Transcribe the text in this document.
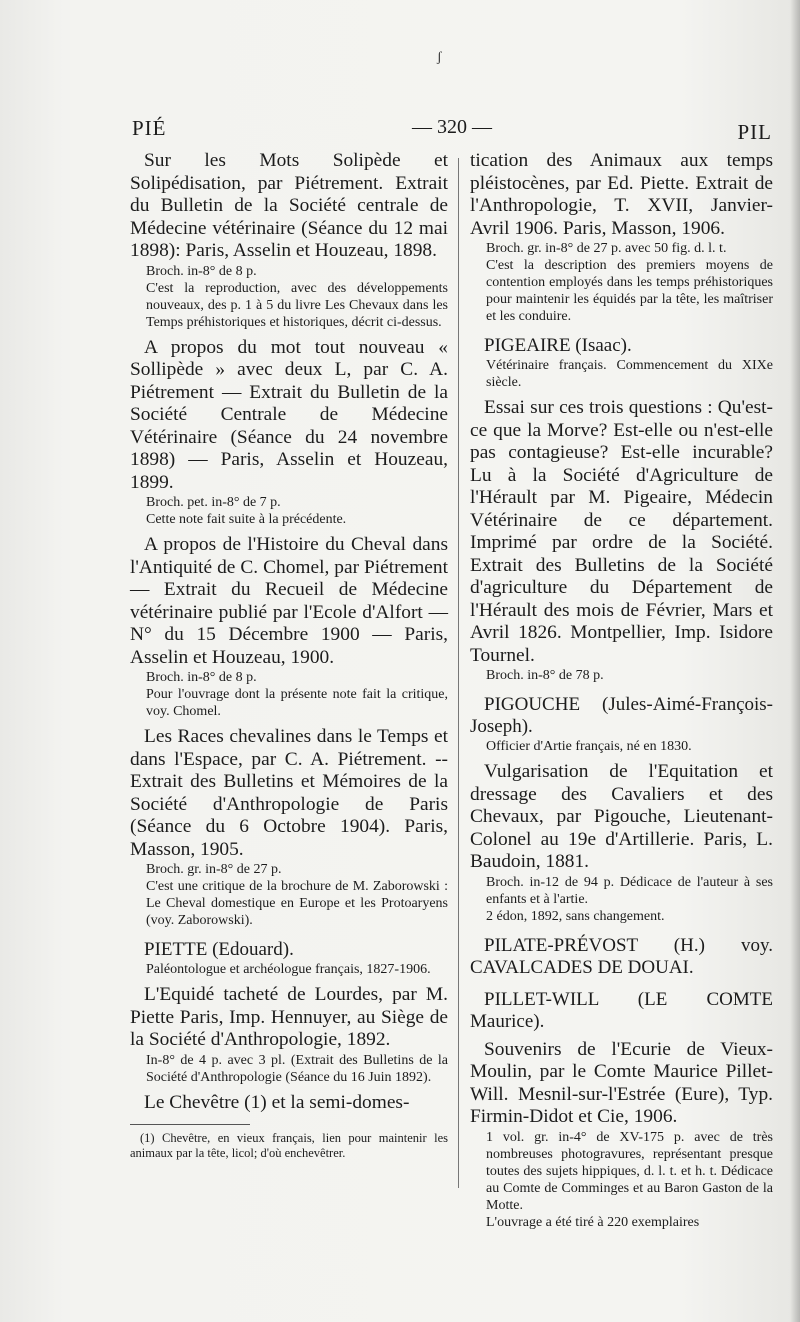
ʃ
PIÉ	— 320 —	PIL

Sur les Mots Solipède et Solipédisation, par Piétrement. Extrait du Bulletin de la Société centrale de Médecine vétérinaire (Séance du 12 mai 1898): Paris, Asselin et Houzeau, 1898.

Broch. in-8° de 8 p.

C'est la reproduction, avec des développements nouveaux, des p. 1 à 5 du livre Les Chevaux dans les Temps préhistoriques et historiques, décrit ci-dessus.

A propos du mot tout nouveau « Sollipède » avec deux L, par C. A. Piétrement — Extrait du Bulletin de la Société Centrale de Médecine Vétérinaire (Séance du 24 novembre 1898) — Paris, Asselin et Houzeau, 1899.

Broch. pet. in-8° de 7 p.

Cette note fait suite à la précédente.

A propos de l'Histoire du Cheval dans l'Antiquité de C. Chomel, par Piétrement — Extrait du Recueil de Médecine vétérinaire publié par l'Ecole d'Alfort — N° du 15 Décembre 1900 — Paris, Asselin et Houzeau, 1900.

Broch. in-8° de 8 p.

Pour l'ouvrage dont la présente note fait la critique, voy. Chomel.

Les Races chevalines dans le Temps et dans l'Espace, par C. A. Piétrement. -- Extrait des Bulletins et Mémoires de la Société d'Anthropologie de Paris (Séance du 6 Octobre 1904). Paris, Masson, 1905.

Broch. gr. in-8° de 27 p.

C'est une critique de la brochure de M. Zaborowski : Le Cheval domestique en Europe et les Protoaryens (voy. Zaborowski).

PIETTE (Edouard).

Paléontologue et archéologue français, 1827-1906.

L'Equidé tacheté de Lourdes, par M. Piette Paris, Imp. Hennuyer, au Siège de la Société d'Anthropologie, 1892.

In-8° de 4 p. avec 3 pl. (Extrait des Bulletins de la Société d'Anthropologie (Séance du 16 Juin 1892).

Le Chevêtre (1) et la semi-domes-

(1) Chevêtre, en vieux français, lien pour maintenir les animaux par la tête, licol; d'où enchevêtrer.

tication des Animaux aux temps pléistocènes, par Ed. Piette. Extrait de l'Anthropologie, T. XVII, Janvier-Avril 1906. Paris, Masson, 1906.

Broch. gr. in-8° de 27 p. avec 50 fig. d. l. t.

C'est la description des premiers moyens de contention employés dans les temps préhistoriques pour maintenir les équidés par la tête, les maîtriser et les conduire.

PIGEAIRE (Isaac).

Vétérinaire français. Commencement du XIXe siècle.

Essai sur ces trois questions : Qu'est-ce que la Morve? Est-elle ou n'est-elle pas contagieuse? Est-elle incurable? Lu à la Société d'Agriculture de l'Hérault par M. Pigeaire, Médecin Vétérinaire de ce département. Imprimé par ordre de la Société. Extrait des Bulletins de la Société d'agriculture du Département de l'Hérault des mois de Février, Mars et Avril 1826. Montpellier, Imp. Isidore Tournel.

Broch. in-8° de 78 p.

PIGOUCHE (Jules-Aimé-François-Joseph).

Officier d'Artie français, né en 1830.

Vulgarisation de l'Equitation et dressage des Cavaliers et des Chevaux, par Pigouche, Lieutenant-Colonel au 19e d'Artillerie. Paris, L. Baudoin, 1881.

Broch. in-12 de 94 p. Dédicace de l'auteur à ses enfants et à l'artie.

2 édon, 1892, sans changement.

PILATE-PRÉVOST (H.) voy. CAVALCADES DE DOUAI.

PILLET-WILL (LE COMTE Maurice).

Souvenirs de l'Ecurie de Vieux-Moulin, par le Comte Maurice Pillet-Will. Mesnil-sur-l'Estrée (Eure), Typ. Firmin-Didot et Cie, 1906.

1 vol. gr. in-4° de XV-175 p. avec de très nombreuses photogravures, représentant presque toutes des sujets hippiques, d. l. t. et h. t. Dédicace au Comte de Comminges et au Baron Gaston de la Motte.

L'ouvrage a été tiré à 220 exemplaires
